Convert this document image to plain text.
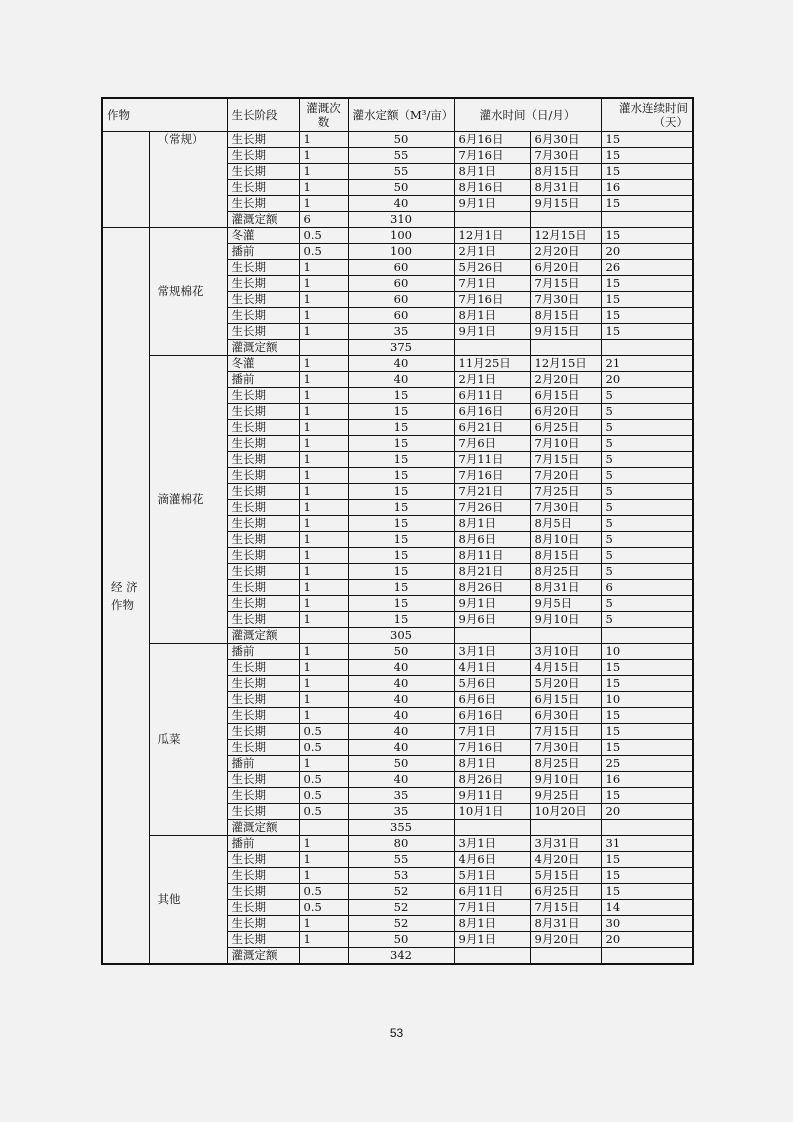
作物		生长阶段	灌溉次数	灌水定额（M³/亩）	灌水时间（日/月）		灌水连续时间（天）
	（常规）	生长期	1	50	6月16日	6月30日	15
		生长期	1	55	7月16日	7月30日	15
		生长期	1	55	8月1日	8月15日	15
		生长期	1	50	8月16日	8月31日	16
		生长期	1	40	9月1日	9月15日	15
		灌溉定额	6	310			
经 济 作物	常规棉花	冬灌	0.5	100	12月1日	12月15日	15
		播前	0.5	100	2月1日	2月20日	20
		生长期	1	60	5月26日	6月20日	26
		生长期	1	60	7月1日	7月15日	15
		生长期	1	60	7月16日	7月30日	15
		生长期	1	60	8月1日	8月15日	15
		生长期	1	35	9月1日	9月15日	15
		灌溉定额		375			
	滴灌棉花	冬灌	1	40	11月25日	12月15日	21
		播前	1	40	2月1日	2月20日	20
		生长期	1	15	6月11日	6月15日	5
		生长期	1	15	6月16日	6月20日	5
		生长期	1	15	6月21日	6月25日	5
		生长期	1	15	7月6日	7月10日	5
		生长期	1	15	7月11日	7月15日	5
		生长期	1	15	7月16日	7月20日	5
		生长期	1	15	7月21日	7月25日	5
		生长期	1	15	7月26日	7月30日	5
		生长期	1	15	8月1日	8月5日	5
		生长期	1	15	8月6日	8月10日	5
		生长期	1	15	8月11日	8月15日	5
		生长期	1	15	8月21日	8月25日	5
		生长期	1	15	8月26日	8月31日	6
		生长期	1	15	9月1日	9月5日	5
		生长期	1	15	9月6日	9月10日	5
		灌溉定额		305			
	瓜菜	播前	1	50	3月1日	3月10日	10
		生长期	1	40	4月1日	4月15日	15
		生长期	1	40	5月6日	5月20日	15
		生长期	1	40	6月6日	6月15日	10
		生长期	1	40	6月16日	6月30日	15
		生长期	0.5	40	7月1日	7月15日	15
		生长期	0.5	40	7月16日	7月30日	15
		播前	1	50	8月1日	8月25日	25
		生长期	0.5	40	8月26日	9月10日	16
		生长期	0.5	35	9月11日	9月25日	15
		生长期	0.5	35	10月1日	10月20日	20
		灌溉定额		355			
	其他	播前	1	80	3月1日	3月31日	31
		生长期	1	55	4月6日	4月20日	15
		生长期	1	53	5月1日	5月15日	15
		生长期	0.5	52	6月11日	6月25日	15
		生长期	0.5	52	7月1日	7月15日	14
		生长期	1	52	8月1日	8月31日	30
		生长期	1	50	9月1日	9月20日	20
		灌溉定额		342			
53
